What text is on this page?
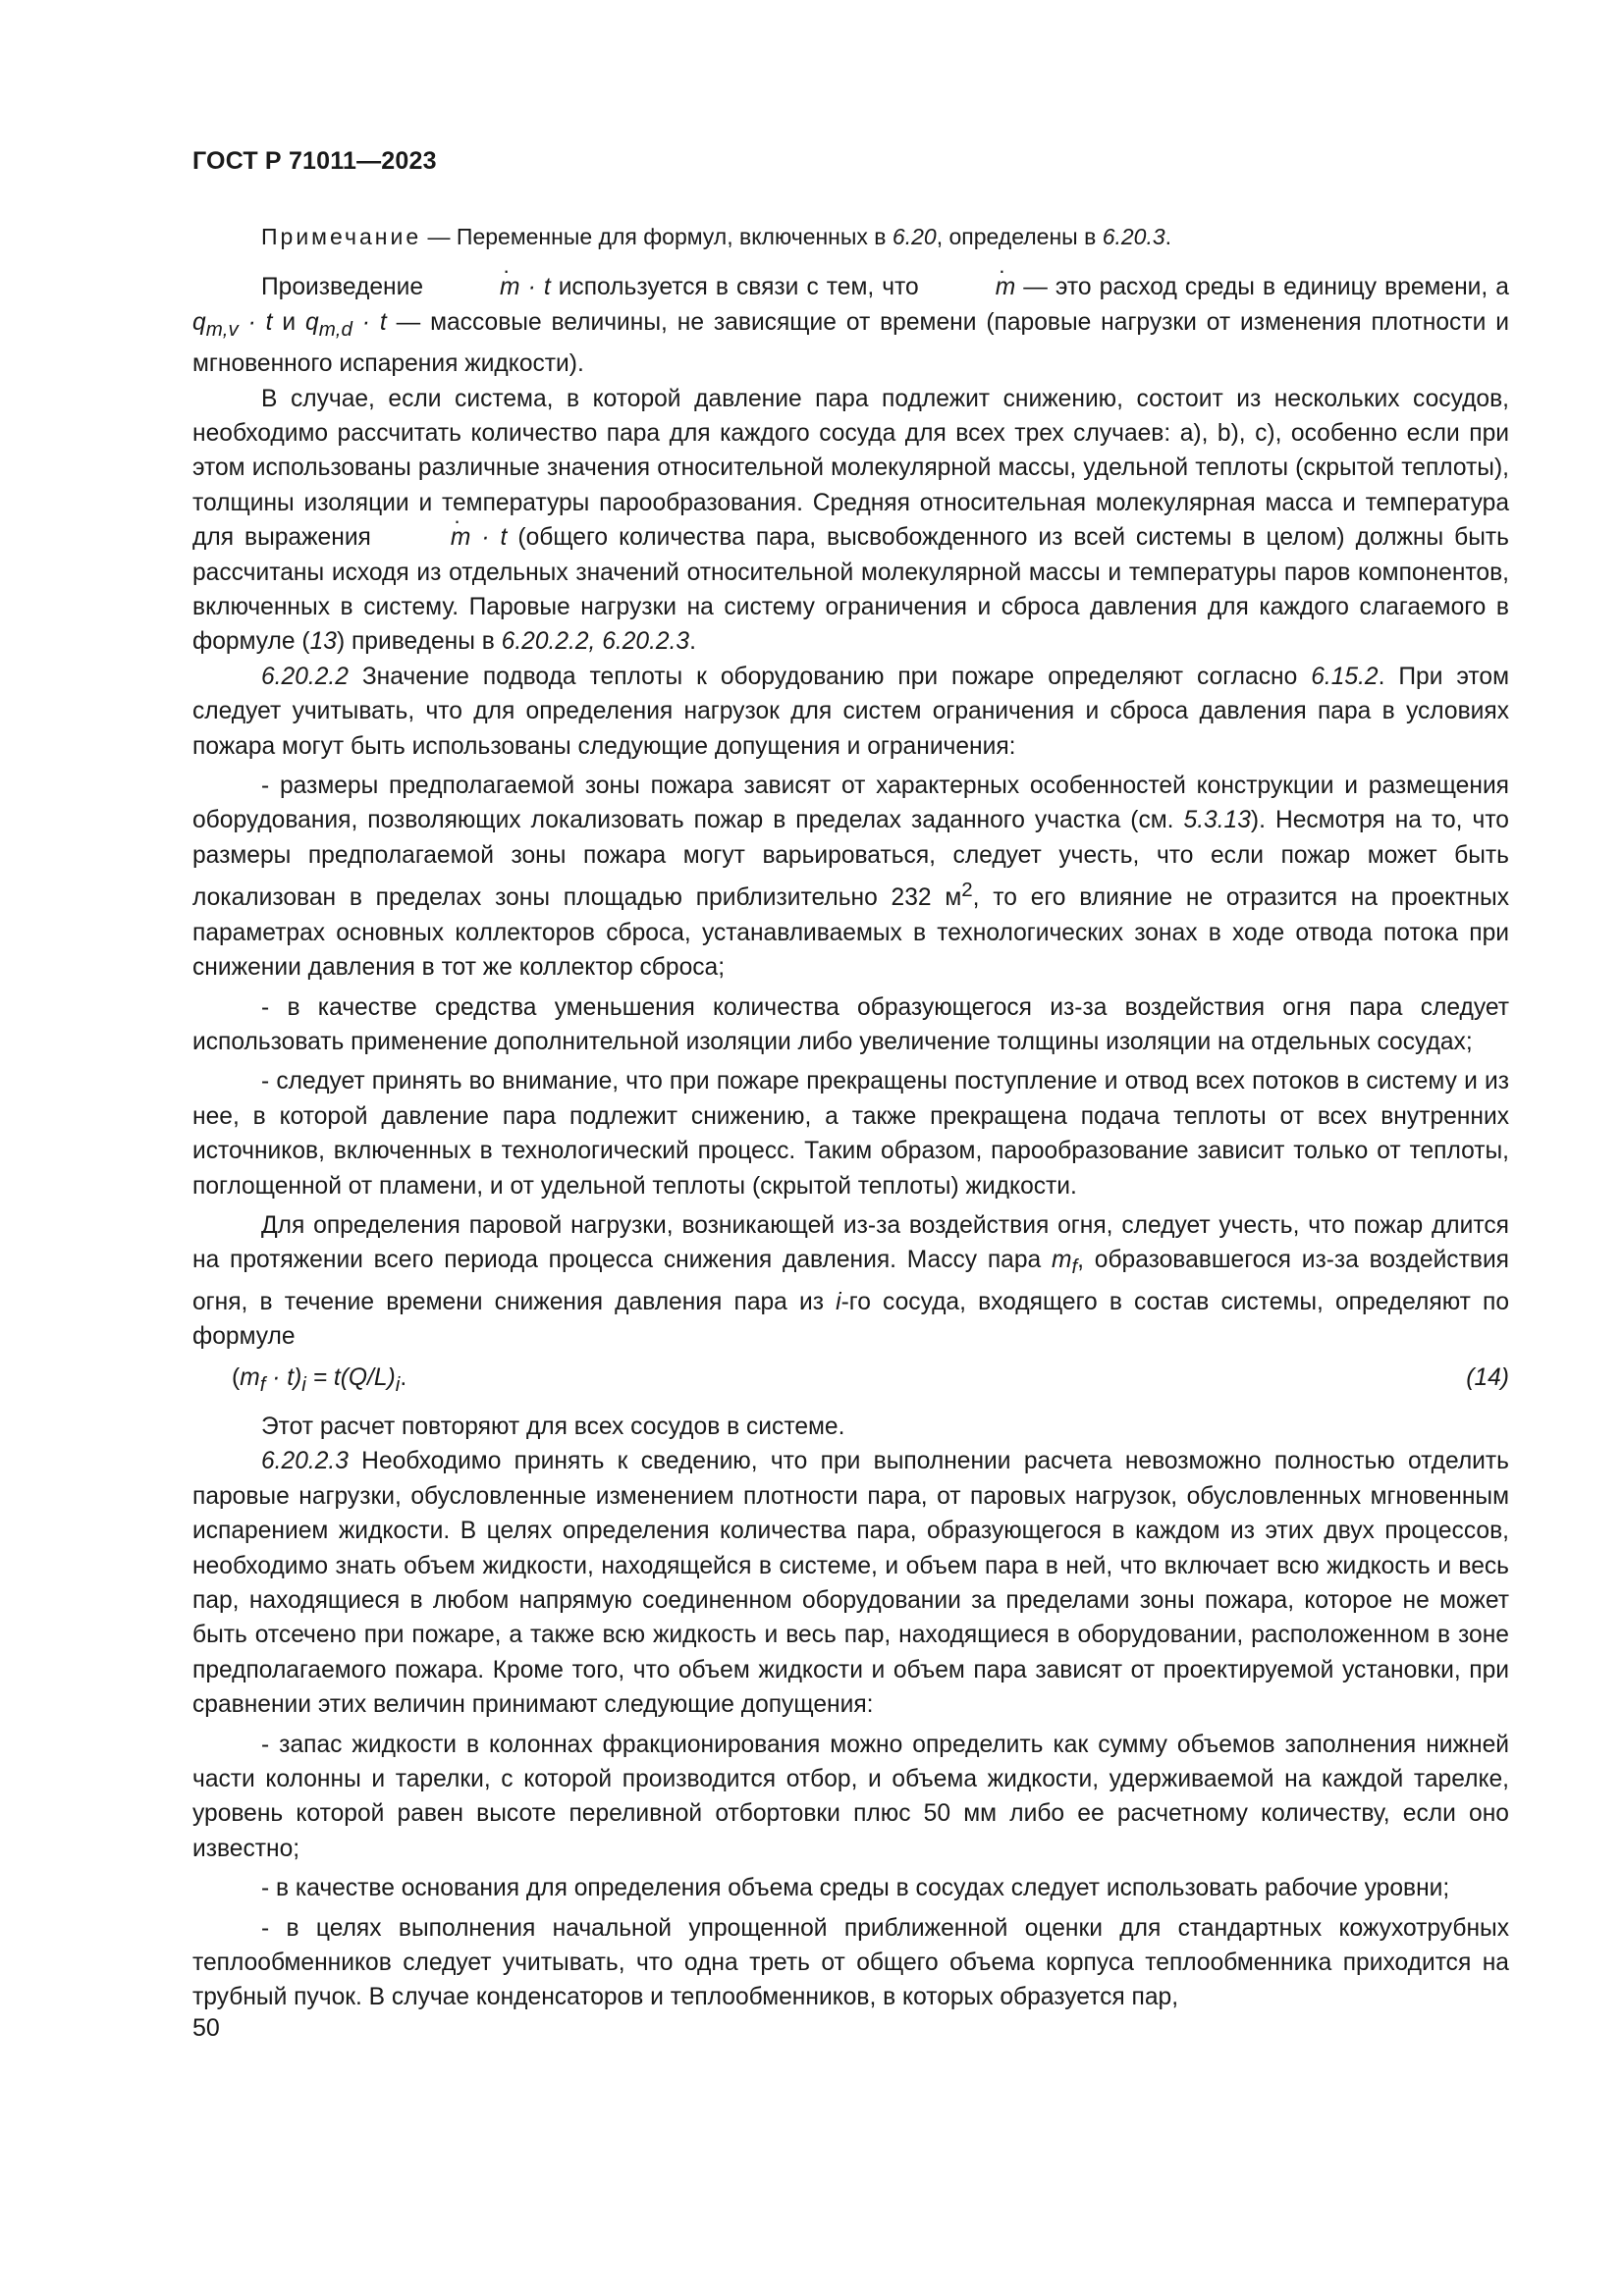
ГОСТ Р 71011—2023

Примечание — Переменные для формул, включенных в 6.20, определены в 6.20.3.

Произведение	· m · t используется в связи с тем, что	· m — это расход среды в единицу времени, а $q_{m,v} \cdot t$ и $q_{m,d} \cdot t$ — массовые величины, не зависящие от времени (паровые нагрузки от изменения плотности и мгновенного испарения жидкости).

В случае, если система, в которой давление пара подлежит снижению, состоит из нескольких сосудов, необходимо рассчитать количество пара для каждого сосуда для всех трех случаев: а), b), с), особенно если при этом использованы различные значения относительной молекулярной массы, удельной теплоты (скрытой теплоты), толщины изоляции и температуры парообразования. Средняя относительная молекулярная масса и температура для выражения	· m · t (общего количества пара, высвобожденного из всей системы в целом) должны быть рассчитаны исходя из отдельных значений относительной молекулярной массы и температуры паров компонентов, включенных в систему. Паровые нагрузки на систему ограничения и сброса давления для каждого слагаемого в формуле (13) приведены в 6.20.2.2, 6.20.2.3.

6.20.2.2 Значение подвода теплоты к оборудованию при пожаре определяют согласно 6.15.2. При этом следует учитывать, что для определения нагрузок для систем ограничения и сброса давления пара в условиях пожара могут быть использованы следующие допущения и ограничения:

- размеры предполагаемой зоны пожара зависят от характерных особенностей конструкции и размещения оборудования, позволяющих локализовать пожар в пределах заданного участка (см. 5.3.13). Несмотря на то, что размеры предполагаемой зоны пожара могут варьироваться, следует учесть, что если пожар может быть локализован в пределах зоны площадью приблизительно 232 $м^2$, то его влияние не отразится на проектных параметрах основных коллекторов сброса, устанавливаемых в технологических зонах в ходе отвода потока при снижении давления в тот же коллектор сброса;

- в качестве средства уменьшения количества образующегося из-за воздействия огня пара следует использовать применение дополнительной изоляции либо увеличение толщины изоляции на отдельных сосудах;

- следует принять во внимание, что при пожаре прекращены поступление и отвод всех потоков в систему и из нее, в которой давление пара подлежит снижению, а также прекращена подача теплоты от всех внутренних источников, включенных в технологический процесс. Таким образом, парообразование зависит только от теплоты, поглощенной от пламени, и от удельной теплоты (скрытой теплоты) жидкости.

Для определения паровой нагрузки, возникающей из-за воздействия огня, следует учесть, что пожар длится на протяжении всего периода процесса снижения давления. Массу пара $m_f$, образовавшегося из-за воздействия огня, в течение времени снижения давления пара из i-го сосуда, входящего в состав системы, определяют по формуле

$(m_f \cdot t)_i = t(Q/L)_i$.	(14)

Этот расчет повторяют для всех сосудов в системе.

6.20.2.3 Необходимо принять к сведению, что при выполнении расчета невозможно полностью отделить паровые нагрузки, обусловленные изменением плотности пара, от паровых нагрузок, обусловленных мгновенным испарением жидкости. В целях определения количества пара, образующегося в каждом из этих двух процессов, необходимо знать объем жидкости, находящейся в системе, и объем пара в ней, что включает всю жидкость и весь пар, находящиеся в любом напрямую соединенном оборудовании за пределами зоны пожара, которое не может быть отсечено при пожаре, а также всю жидкость и весь пар, находящиеся в оборудовании, расположенном в зоне предполагаемого пожара. Кроме того, что объем жидкости и объем пара зависят от проектируемой установки, при сравнении этих величин принимают следующие допущения:

- запас жидкости в колоннах фракционирования можно определить как сумму объемов заполнения нижней части колонны и тарелки, с которой производится отбор, и объема жидкости, удерживаемой на каждой тарелке, уровень которой равен высоте переливной отбортовки плюс 50 мм либо ее расчетному количеству, если оно известно;

- в качестве основания для определения объема среды в сосудах следует использовать рабочие уровни;

- в целях выполнения начальной упрощенной приближенной оценки для стандартных кожухотрубных теплообменников следует учитывать, что одна треть от общего объема корпуса теплообменника приходится на трубный пучок. В случае конденсаторов и теплообменников, в которых образуется пар,

50
